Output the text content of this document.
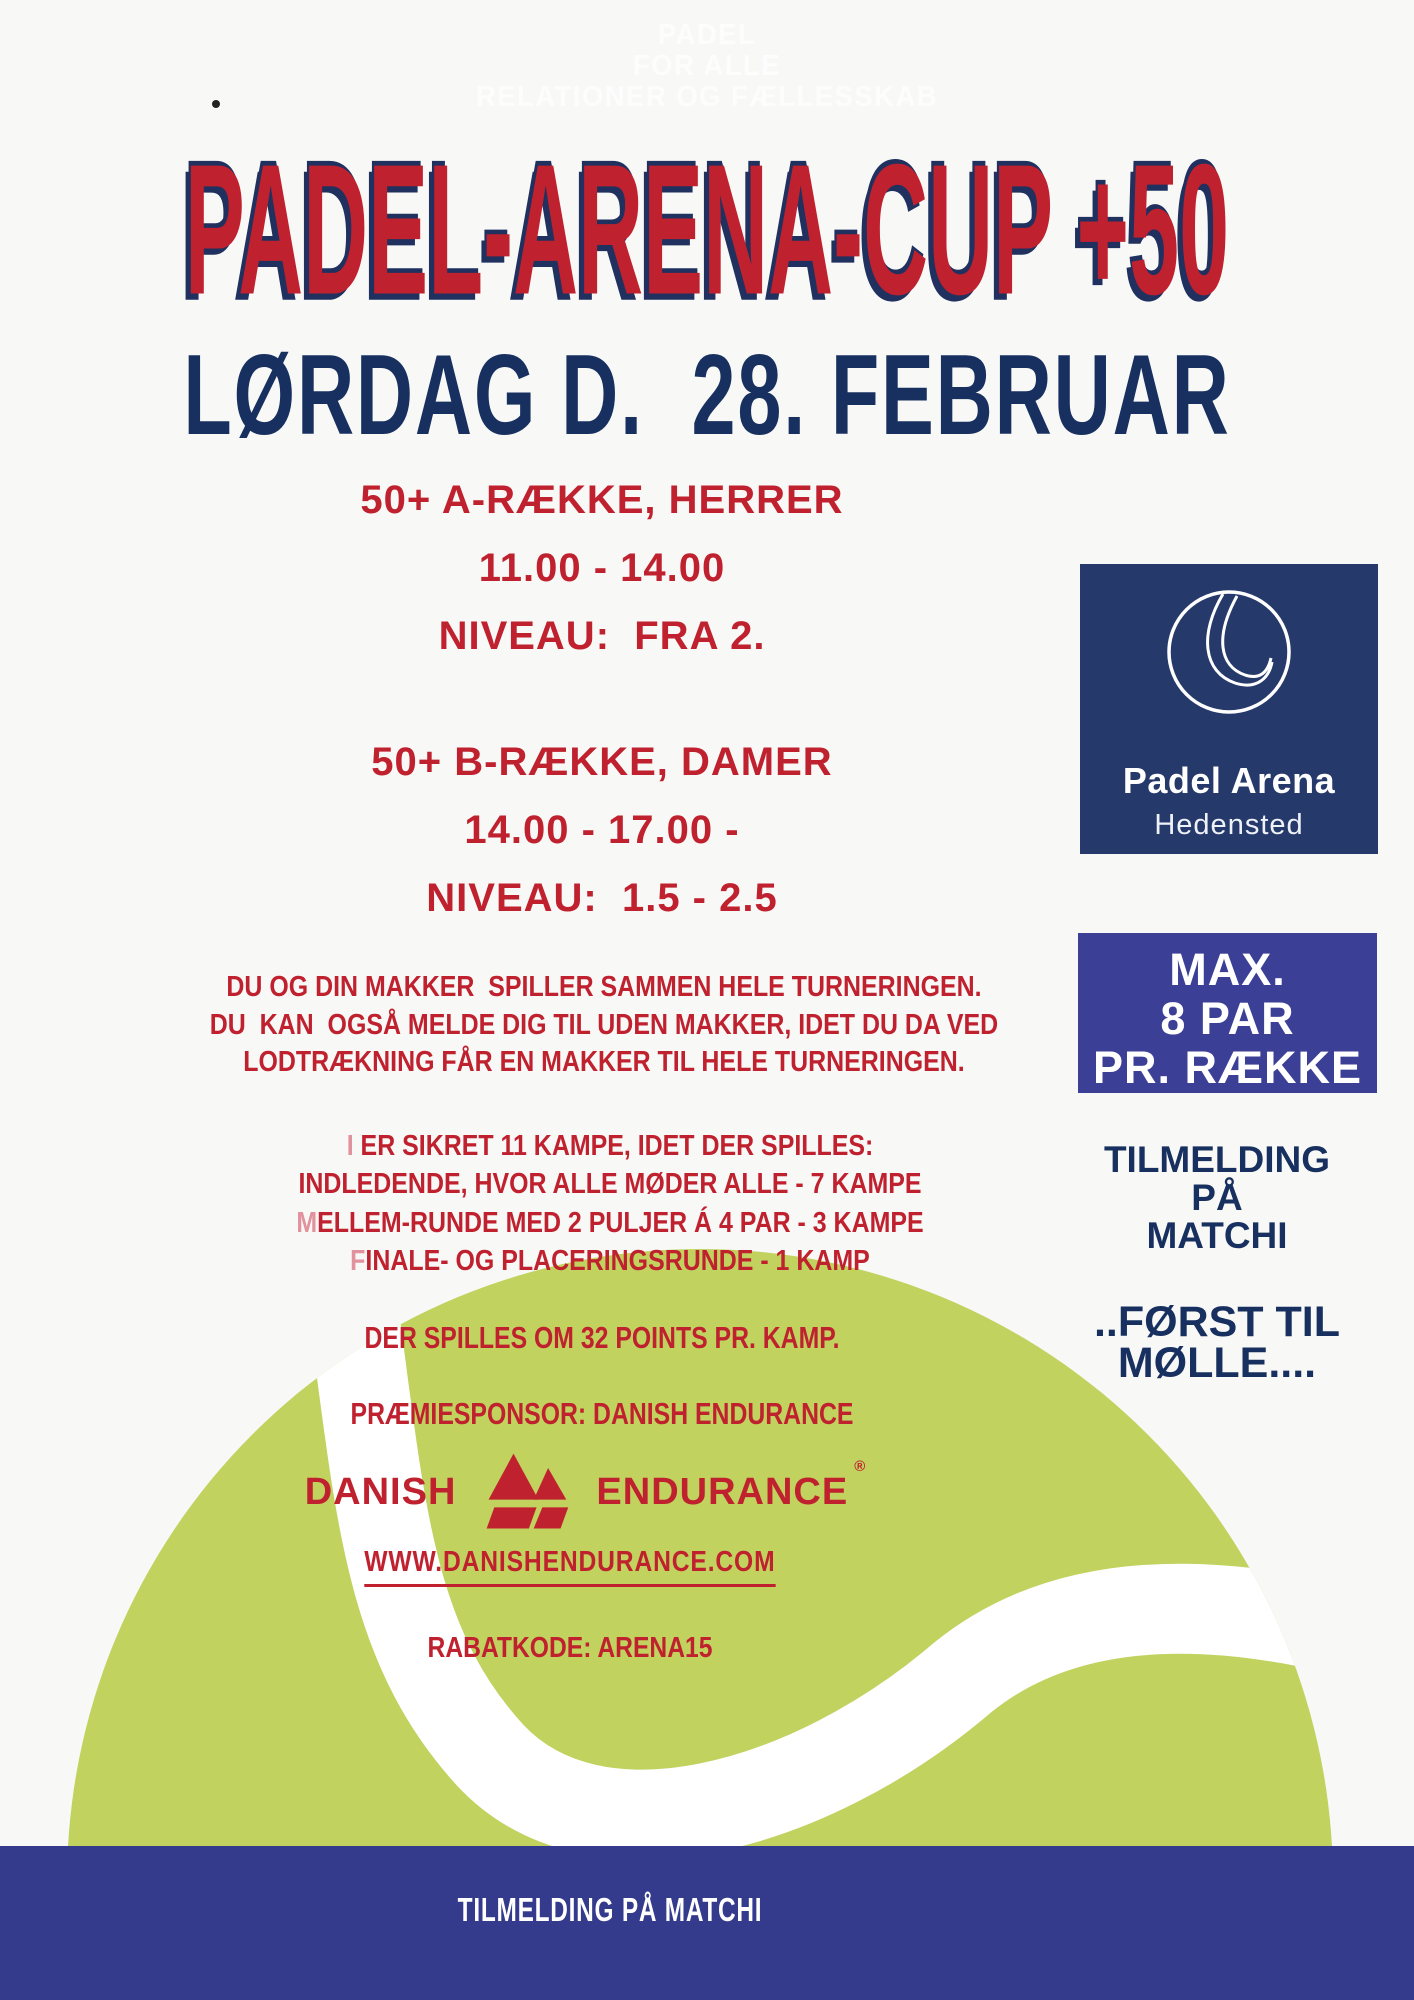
PADEL
FOR ALLE
RELATIONER OG FÆLLESSKAB
PADEL-ARENA-CUP +50
LØRDAG D.  28. FEBRUAR
50+ A-RÆKKE, HERRER
11.00 - 14.00
NIVEAU:  FRA 2.
50+ B-RÆKKE, DAMER
14.00 - 17.00 -
NIVEAU:  1.5 - 2.5
Padel Arena
Hedensted
DU OG DIN MAKKER  SPILLER SAMMEN HELE TURNERINGEN.
DU  KAN  OGSÅ MELDE DIG TIL UDEN MAKKER, IDET DU DA VED
LODTRÆKNING FÅR EN MAKKER TIL HELE TURNERINGEN.
I ER SIKRET 11 KAMPE, IDET DER SPILLES:
INDLEDENDE, HVOR ALLE MØDER ALLE - 7 KAMPE
MELLEM-RUNDE MED 2 PULJER Á 4 PAR - 3 KAMPE
FINALE- OG PLACERINGSRUNDE - 1 KAMP
MAX.
8 PAR
PR. RÆKKE
TILMELDING
PÅ
MATCHI
..FØRST TIL
MØLLE....
DER SPILLES OM 32 POINTS PR. KAMP.
PRÆMIESPONSOR: DANISH ENDURANCE
DANISH	ENDURANCE
®
WWW.DANISHENDURANCE.COM
RABATKODE: ARENA15
TILMELDING PÅ MATCHI
